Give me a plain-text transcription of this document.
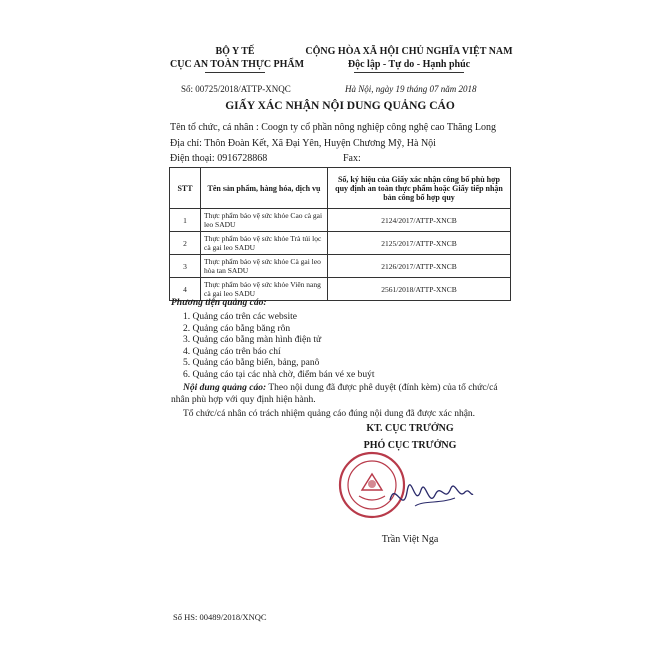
BỘ Y TẾ
CỤC AN TOÀN THỰC PHẨM
CỘNG HÒA XÃ HỘI CHỦ NGHĨA VIỆT NAM
Độc lập - Tự do - Hạnh phúc
Số: 00725/2018/ATTP-XNQC	Hà Nội, ngày 19 tháng 07 năm 2018
GIẤY XÁC NHẬN NỘI DUNG QUẢNG CÁO
Tên tổ chức, cá nhân : Coogn ty cổ phần nông nghiệp công nghệ cao Thăng Long
Địa chỉ: Thôn Đoàn Kết, Xã Đại Yên, Huyện Chương Mỹ, Hà Nội
Điện thoại: 0916728868	Fax:
STT	Tên sản phẩm, hàng hóa, dịch vụ	Số, ký hiệu của Giấy xác nhận công bố phù hợp quy định an toàn thực phẩm hoặc Giấy tiếp nhận bản công bố hợp quy
1	Thực phẩm bảo vệ sức khỏe Cao cà gai leo SADU	2124/2017/ATTP-XNCB
2	Thực phẩm bảo vệ sức khỏe Trà túi lọc cà gai leo SADU	2125/2017/ATTP-XNCB
3	Thực phẩm bảo vệ sức khỏe Cà gai leo hòa tan SADU	2126/2017/ATTP-XNCB
4	Thực phẩm bảo vệ sức khỏe Viên nang cà gai leo SADU	2561/2018/ATTP-XNCB
Phương tiện quảng cáo:
1. Quảng cáo trên các website
2. Quảng cáo bằng băng rôn
3. Quảng cáo bằng màn hình điện tử
4. Quảng cáo trên báo chí
5. Quảng cáo bằng biển, bảng, panô
6. Quảng cáo tại các nhà chờ, điểm bán vé xe buýt
Nội dung quảng cáo: Theo nội dung đã được phê duyệt (đính kèm) của tổ chức/cá
nhân phù hợp với quy định hiện hành.
Tổ chức/cá nhân có trách nhiệm quảng cáo đúng nội dung đã được xác nhận.
KT. CỤC TRƯỞNG
PHÓ CỤC TRƯỞNG
Trần Việt Nga
Số HS: 00489/2018/XNQC
